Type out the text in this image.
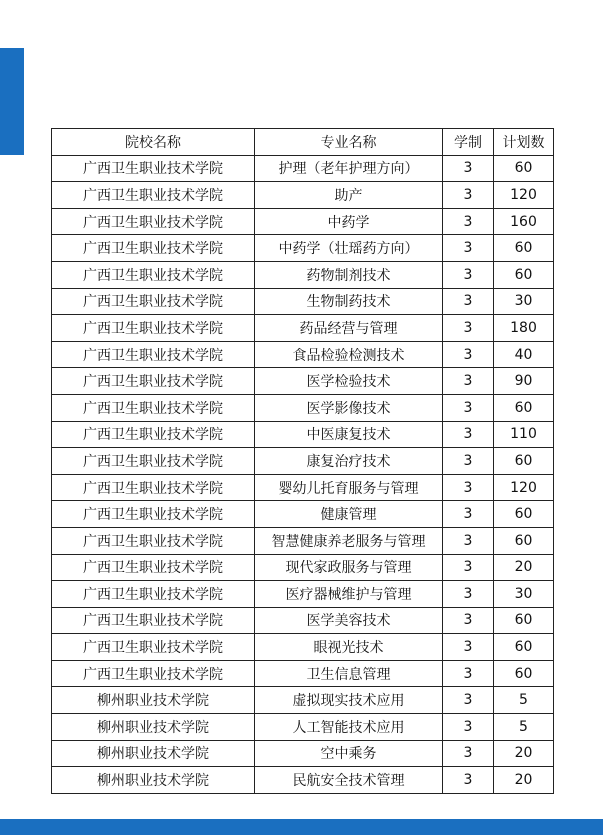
院校名称	专业名称	学制	计划数
广西卫生职业技术学院	护理（老年护理方向）	3	60
广西卫生职业技术学院	助产	3	120
广西卫生职业技术学院	中药学	3	160
广西卫生职业技术学院	中药学（壮瑶药方向）	3	60
广西卫生职业技术学院	药物制剂技术	3	60
广西卫生职业技术学院	生物制药技术	3	30
广西卫生职业技术学院	药品经营与管理	3	180
广西卫生职业技术学院	食品检验检测技术	3	40
广西卫生职业技术学院	医学检验技术	3	90
广西卫生职业技术学院	医学影像技术	3	60
广西卫生职业技术学院	中医康复技术	3	110
广西卫生职业技术学院	康复治疗技术	3	60
广西卫生职业技术学院	婴幼儿托育服务与管理	3	120
广西卫生职业技术学院	健康管理	3	60
广西卫生职业技术学院	智慧健康养老服务与管理	3	60
广西卫生职业技术学院	现代家政服务与管理	3	20
广西卫生职业技术学院	医疗器械维护与管理	3	30
广西卫生职业技术学院	医学美容技术	3	60
广西卫生职业技术学院	眼视光技术	3	60
广西卫生职业技术学院	卫生信息管理	3	60
柳州职业技术学院	虚拟现实技术应用	3	5
柳州职业技术学院	人工智能技术应用	3	5
柳州职业技术学院	空中乘务	3	20
柳州职业技术学院	民航安全技术管理	3	20
